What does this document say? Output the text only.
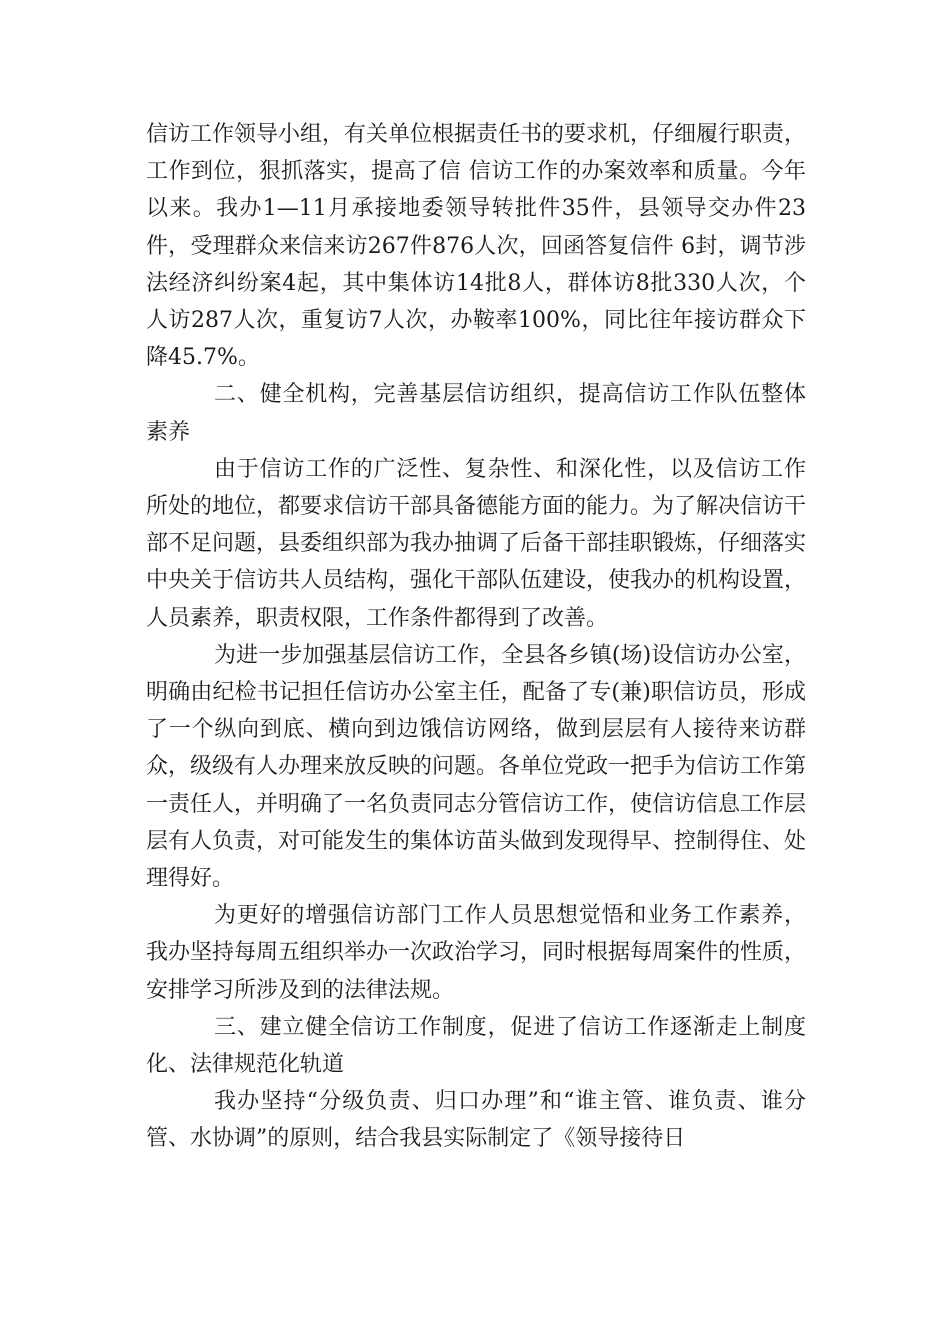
信访工作领导小组，有关单位根据责任书的要求机，仔细履行职责，工作到位，狠抓落实，提高了信 信访工作的办案效率和质量。今年以来。我办1—11月承接地委领导转批件35件，县领导交办件23件，受理群众来信来访267件876人次，回函答复信件 6封，调节涉法经济纠纷案4起，其中集体访14批8人，群体访8批330人次，个人访287人次，重复访7人次，办鞍率100%，同比往年接访群众下降45.7%。

二、健全机构，完善基层信访组织，提高信访工作队伍整体素养

由于信访工作的广泛性、复杂性、和深化性，以及信访工作所处的地位，都要求信访干部具备德能方面的能力。为了解决信访干部不足问题，县委组织部为我办抽调了后备干部挂职锻炼，仔细落实中央关于信访共人员结构，强化干部队伍建设，使我办的机构设置，人员素养，职责权限，工作条件都得到了改善。

为进一步加强基层信访工作，全县各乡镇(场)设信访办公室，明确由纪检书记担任信访办公室主任，配备了专(兼)职信访员，形成了一个纵向到底、横向到边饿信访网络，做到层层有人接待来访群众，级级有人办理来放反映的问题。各单位党政一把手为信访工作第一责任人，并明确了一名负责同志分管信访工作，使信访信息工作层层有人负责，对可能发生的集体访苗头做到发现得早、控制得住、处理得好。

为更好的增强信访部门工作人员思想觉悟和业务工作素养，我办坚持每周五组织举办一次政治学习，同时根据每周案件的性质，安排学习所涉及到的法律法规。

三、建立健全信访工作制度，促进了信访工作逐渐走上制度化、法律规范化轨道

我办坚持“分级负责、归口办理”和“谁主管、谁负责、谁分管、水协调”的原则，结合我县实际制定了《领导接待日
